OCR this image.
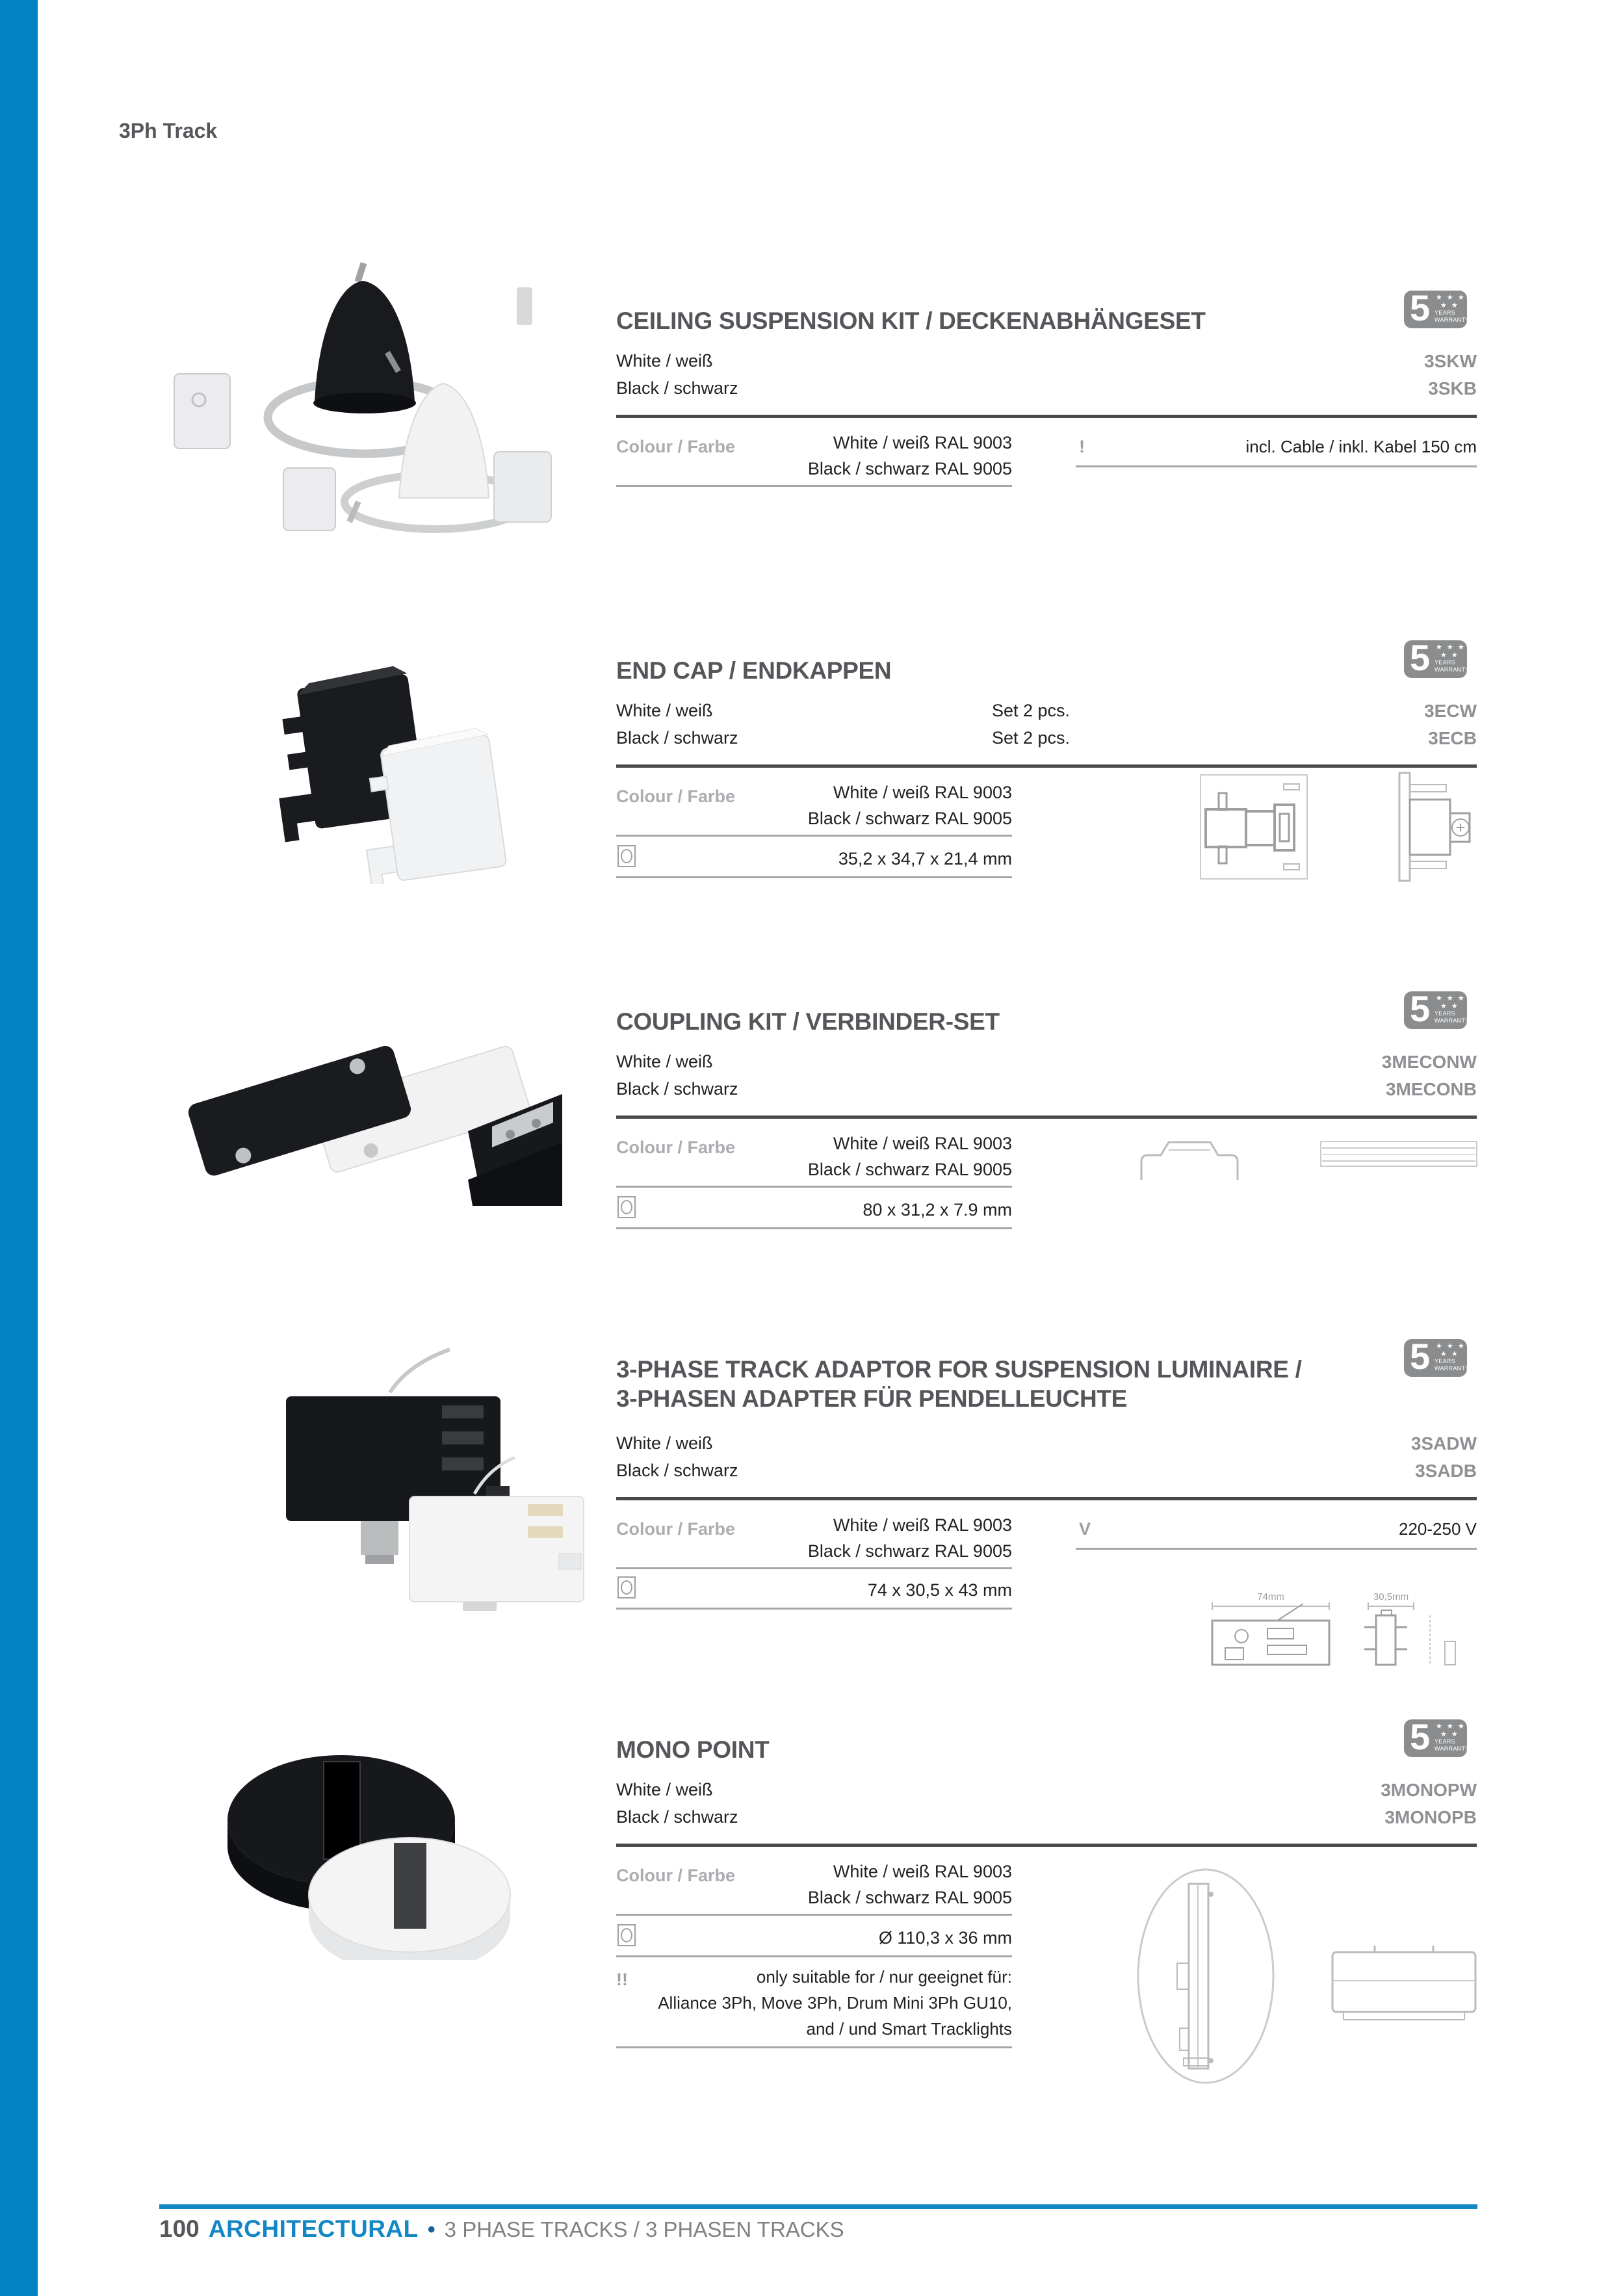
3Ph Track
5 ★ ★ ★
★ ★
YEARS
WARRANTY
CEILING SUSPENSION KIT / DECKENABHÄNGESET
White / weiß	3SKW
Black / schwarz	3SKB
Colour / Farbe	White / weiß RAL 9003
Black / schwarz RAL 9005
!	incl. Cable / inkl. Kabel 150 cm
5 ★ ★ ★
★ ★
YEARS
WARRANTY
END CAP / ENDKAPPEN
White / weiß	Set 2 pcs.	3ECW
Black / schwarz	Set 2 pcs.	3ECB
Colour / Farbe	White / weiß RAL 9003
Black / schwarz RAL 9005
35,2 x 34,7 x 21,4 mm
5 ★ ★ ★
★ ★
YEARS
WARRANTY
COUPLING KIT / VERBINDER-SET
White / weiß	3MECONW
Black / schwarz	3MECONB
Colour / Farbe	White / weiß RAL 9003
Black / schwarz RAL 9005
80 x 31,2 x 7.9 mm
5 ★ ★ ★
★ ★
YEARS
WARRANTY
3-PHASE TRACK ADAPTOR FOR SUSPENSION LUMINAIRE /
3-PHASEN ADAPTER FÜR PENDELLEUCHTE
White / weiß	3SADW
Black / schwarz	3SADB
Colour / Farbe	White / weiß RAL 9003
Black / schwarz RAL 9005
V	220-250 V
74 x 30,5 x 43 mm	74mm	30,5mm
5 ★ ★ ★
★ ★
YEARS
WARRANTY
MONO POINT
White / weiß	3MONOPW
Black / schwarz	3MONOPB
Colour / Farbe	White / weiß RAL 9003
Black / schwarz RAL 9005
Ø 110,3 x 36 mm
!!	only suitable for / nur geeignet für:
Alliance 3Ph, Move 3Ph, Drum Mini 3Ph GU10,
and / und Smart Tracklights
100 ARCHITECTURAL • 3 PHASE TRACKS / 3 PHASEN TRACKS
